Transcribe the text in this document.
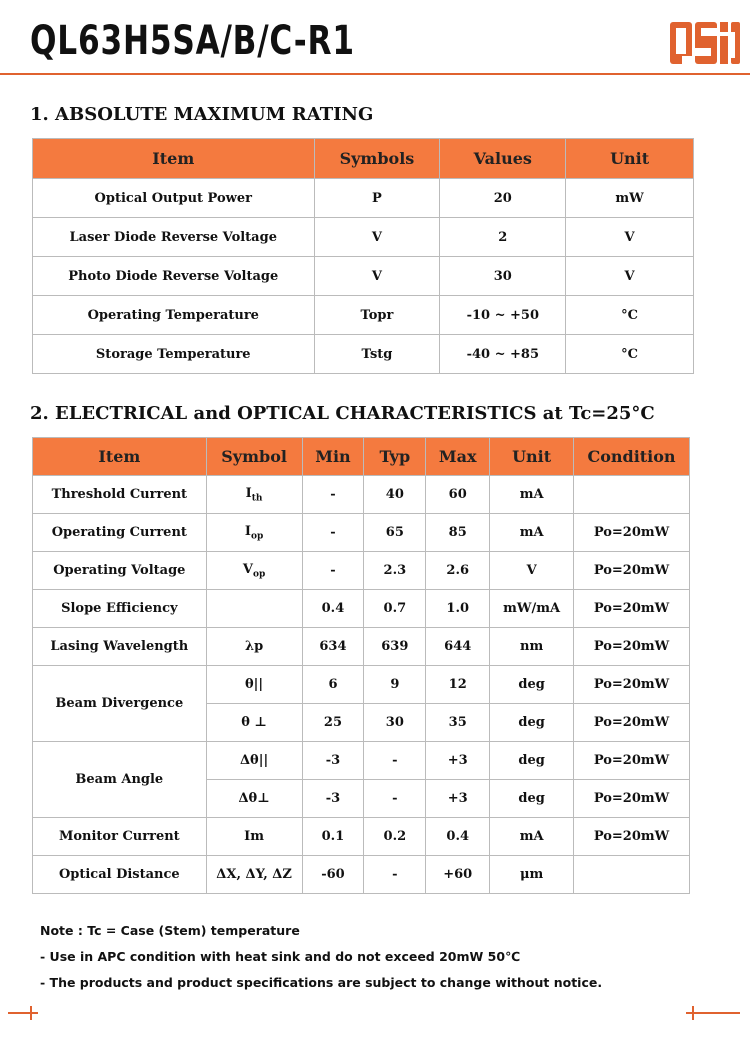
QL63H5SA/B/C-R1
1. ABSOLUTE MAXIMUM RATING
Item	Symbols	Values	Unit
Optical Output Power	P	20	mW
Laser Diode Reverse Voltage	V	2	V
Photo Diode Reverse Voltage	V	30	V
Operating Temperature	Topr	-10 ~ +50	°C
Storage Temperature	Tstg	-40 ~ +85	°C
2. ELECTRICAL and OPTICAL CHARACTERISTICS at Tc=25°C
Item	Symbol	Min	Typ	Max	Unit	Condition
Threshold Current	$I_{th}$	-	40	60	mA	
Operating Current	$I_{op}$	-	65	85	mA	Po=20mW
Operating Voltage	$V_{op}$	-	2.3	2.6	V	Po=20mW
Slope Efficiency		0.4	0.7	1.0	mW/mA	Po=20mW
Lasing Wavelength	λp	634	639	644	nm	Po=20mW
Beam Divergence	θ||	6	9	12	deg	Po=20mW
	θ ⊥	25	30	35	deg	Po=20mW
Beam Angle	Δθ||	-3	-	+3	deg	Po=20mW
	Δθ⊥	-3	-	+3	deg	Po=20mW
Monitor Current	Im	0.1	0.2	0.4	mA	Po=20mW
Optical Distance	ΔX, ΔY, ΔZ	-60	-	+60	μm	
Note : Tc = Case (Stem) temperature
- Use in APC condition with heat sink and do not exceed 20mW 50℃
- The products and product specifications are subject to change without notice.
